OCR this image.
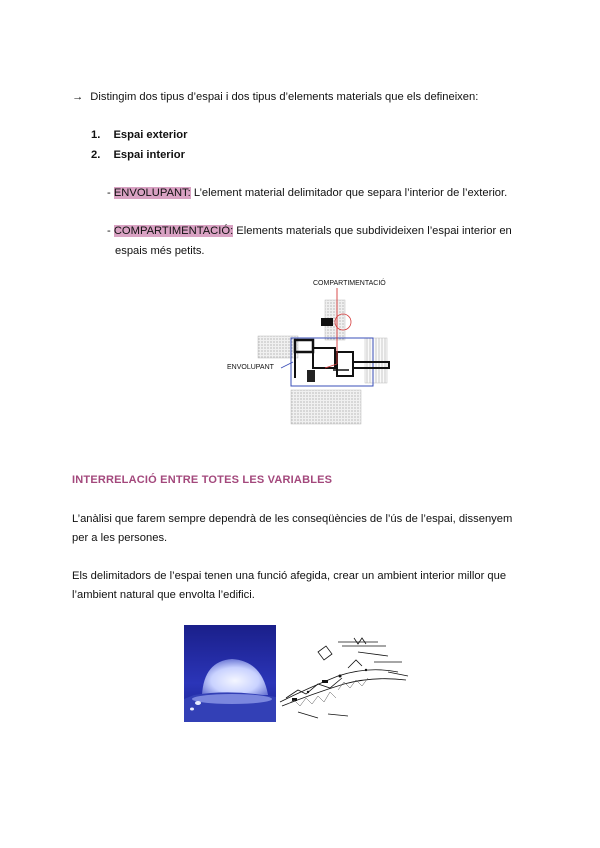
→ Distingim dos tipus d’espai i dos tipus d’elements materials que els defineixen:
1. Espai exterior
2. Espai interior
- ENVOLUPANT: L’element material delimitador que separa l’interior de l’exterior.
- COMPARTIMENTACIÓ: Elements materials que subdivideixen l’espai interior en
espais més petits.
COMPARTIMENTACIÓ
ENVOLUPANT
INTERRELACIÓ ENTRE TOTES LES VARIABLES
L’anàlisi que farem sempre dependrà de les conseqüències de l’ús de l’espai, dissenyem
per a les persones.
Els delimitadors de l’espai tenen una funció afegida, crear un ambient interior millor que
l’ambient natural que envolta l’edifici.
